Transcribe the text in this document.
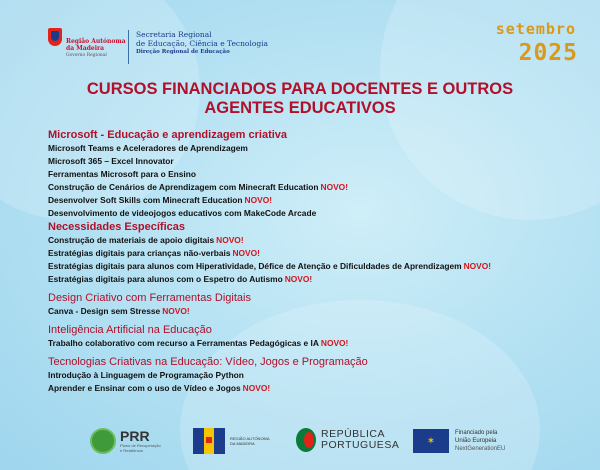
Região Autónoma
da Madeira
Governo Regional
Secretaria Regional
de Educação, Ciência e Tecnologia
Direção Regional de Educação
setembro
2025
CURSOS FINANCIADOS PARA DOCENTES E OUTROS
AGENTES EDUCATIVOS
Microsoft - Educação e aprendizagem criativa
Microsoft Teams e Aceleradores de Aprendizagem
Microsoft 365 – Excel Innovator
Ferramentas Microsoft para o Ensino
Construção de Cenários de Aprendizagem com Minecraft Education NOVO!
Desenvolver Soft Skills com Minecraft Education NOVO!
Desenvolvimento de videojogos educativos com MakeCode Arcade
Necessidades Específicas
Construção de materiais de apoio digitais NOVO!
Estratégias digitais para crianças não-verbais NOVO!
Estratégias digitais para alunos com Hiperatividade, Défice de Atenção e Dificuldades de Aprendizagem NOVO!
Estratégias digitais para alunos com o Espetro do Autismo NOVO!
Design Criativo com Ferramentas Digitais
Canva - Design sem Stresse NOVO!
Inteligência Artificial na Educação
Trabalho colaborativo com recurso a Ferramentas Pedagógicas e IA NOVO!
Tecnologias Criativas na Educação: Vídeo, Jogos e Programação
Introdução à Linguagem de Programação Python
Aprender e Ensinar com o uso de Vídeo e Jogos NOVO!
PRR
Plano de Recuperação
e Resiliência
REGIÃO AUTÓNOMA
DA MADEIRA
REPÚBLICA
PORTUGUESA	✶
Financiado pela
União Europeia
NextGenerationEU
